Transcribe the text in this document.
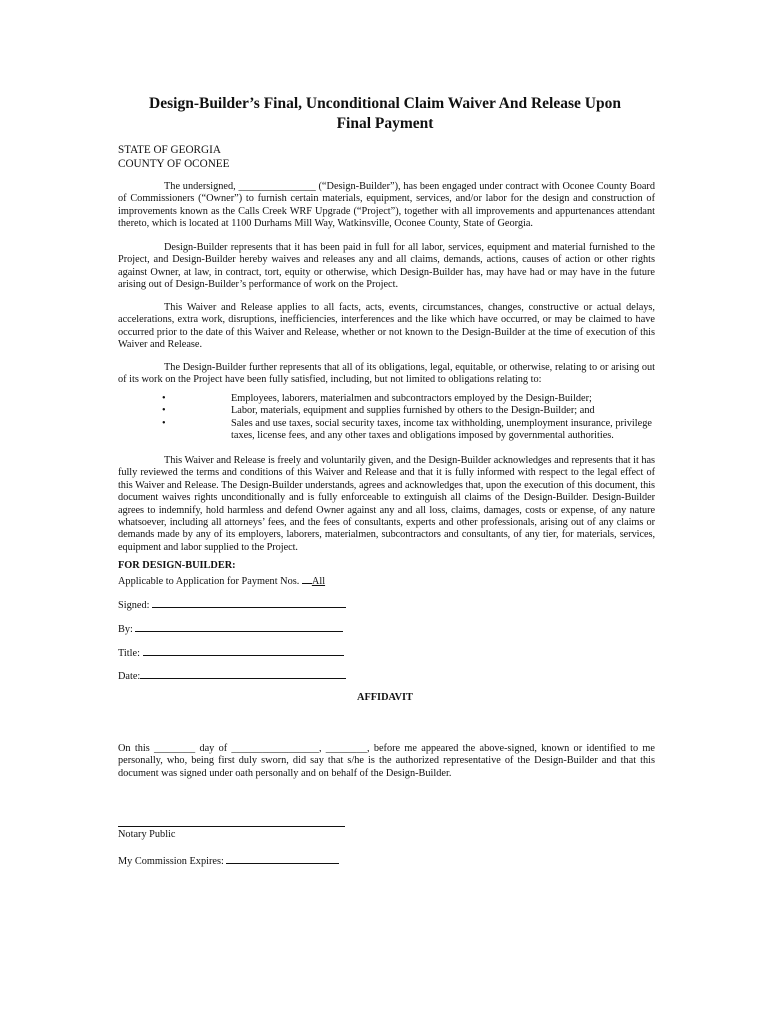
Design-Builder’s Final, Unconditional Claim Waiver And Release Upon
Final Payment
STATE OF GEORGIA
COUNTY OF OCONEE

The undersigned, _______________ (“Design-Builder”), has been engaged under contract with Oconee County Board of Commissioners (“Owner”) to furnish certain materials, equipment, services, and/or labor for the design and construction of improvements known as the Calls Creek WRF Upgrade (“Project”), together with all improvements and appurtenances attendant thereto, which is located at 1100 Durhams Mill Way, Watkinsville, Oconee County, State of Georgia.

Design-Builder represents that it has been paid in full for all labor, services, equipment and material furnished to the Project, and Design-Builder hereby waives and releases any and all claims, demands, actions, causes of action or other rights against Owner, at law, in contract, tort, equity or otherwise, which Design-Builder has, may have had or may have in the future arising out of Design-Builder’s performance of work on the Project.

This Waiver and Release applies to all facts, acts, events, circumstances, changes, constructive or actual delays, accelerations, extra work, disruptions, inefficiencies, interferences and the like which have occurred, or may be claimed to have occurred prior to the date of this Waiver and Release, whether or not known to the Design-Builder at the time of execution of this Waiver and Release.

The Design-Builder further represents that all of its obligations, legal, equitable, or otherwise, relating to or arising out of its work on the Project have been fully satisfied, including, but not limited to obligations relating to:

•	Employees, laborers, materialmen and subcontractors employed by the Design-Builder;
•	Labor, materials, equipment and supplies furnished by others to the Design-Builder; and
•	Sales and use taxes, social security taxes, income tax withholding, unemployment insurance, privilege taxes, license fees, and any other taxes and obligations imposed by governmental authorities.

This Waiver and Release is freely and voluntarily given, and the Design-Builder acknowledges and represents that it has fully reviewed the terms and conditions of this Waiver and Release and that it is fully informed with respect to the legal effect of this Waiver and Release. The Design-Builder understands, agrees and acknowledges that, upon the execution of this document, this document waives rights unconditionally and is fully enforceable to extinguish all claims of the Design-Builder. Design-Builder agrees to indemnify, hold harmless and defend Owner against any and all loss, claims, damages, costs or expense, of any nature whatsoever, including all attorneys’ fees, and the fees of consultants, experts and other professionals, arising out of any claims or demands made by any of its employers, laborers, materialmen, subcontractors and consultants, of any tier, for materials, services, equipment and labor supplied to the Project.

FOR DESIGN-BUILDER:
Applicable to Application for Payment Nos. All
Signed:
By:
Title:
Date:
AFFIDAVIT

On this ________ day of _________________, ________, before me appeared the above-signed, known or identified to me personally, who, being first duly sworn, did say that s/he is the authorized representative of the Design-Builder and that this document was signed under oath personally and on behalf of the Design-Builder.

Notary Public
My Commission Expires:
